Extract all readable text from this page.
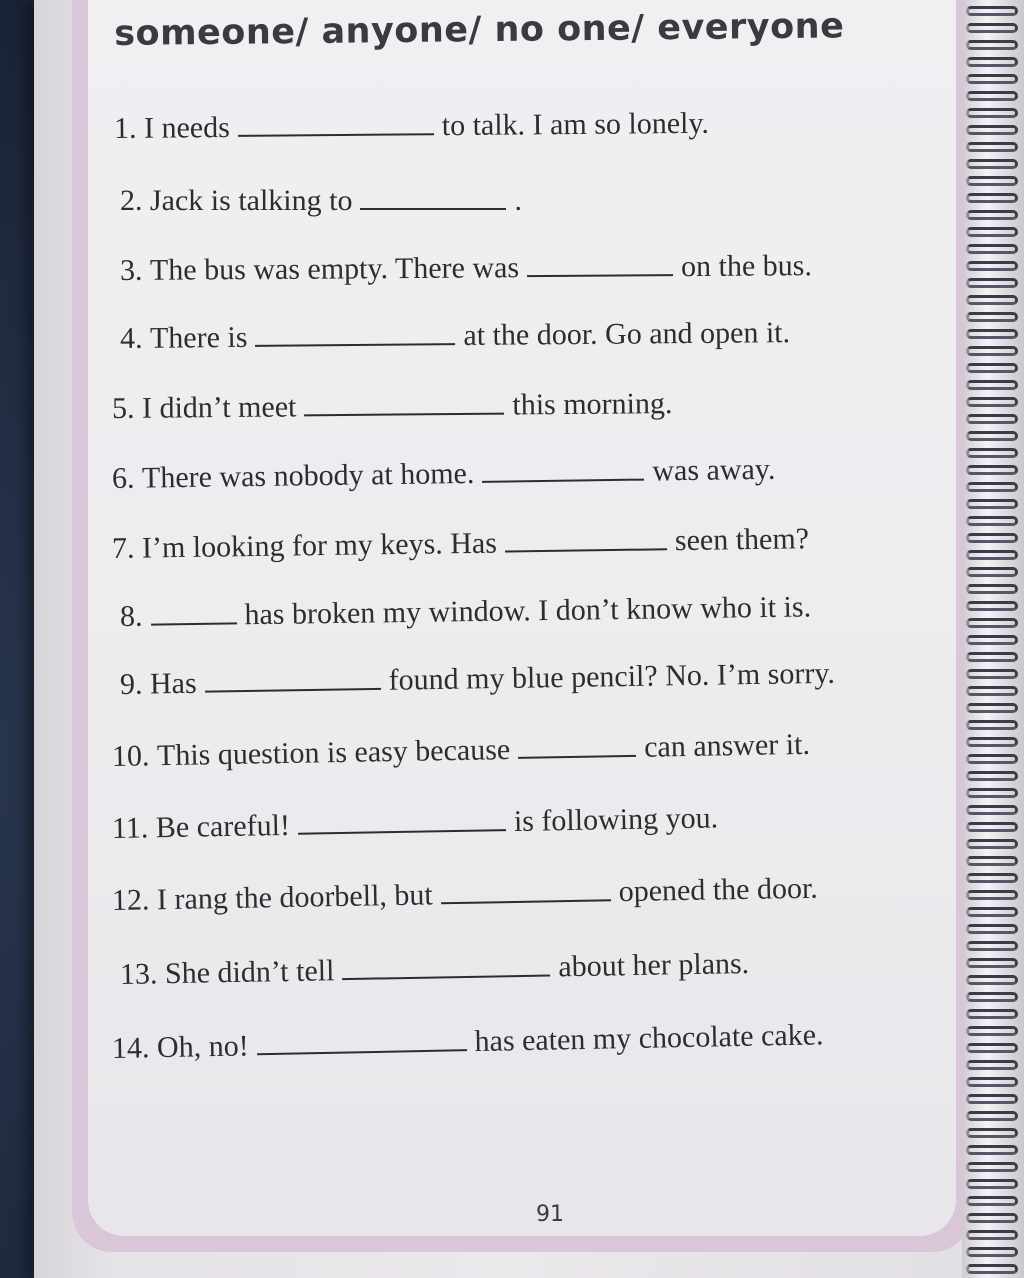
someone/ anyone/ no one/ everyone
1. I needs	to talk. I am so lonely.
2. Jack is talking to	.
3. The bus was empty. There was	on the bus.
4. There is	at the door. Go and open it.
5. I didn’t meet	this morning.
6. There was nobody at home.	was away.
7. I’m looking for my keys. Has	seen them?
8.	has broken my window. I don’t know who it is.
9. Has	found my blue pencil? No. I’m sorry.
10. This question is easy because	can answer it.
11. Be careful!	is following you.
12. I rang the doorbell, but	opened the door.
13. She didn’t tell	about her plans.
14. Oh, no!	has eaten my chocolate cake.
91
